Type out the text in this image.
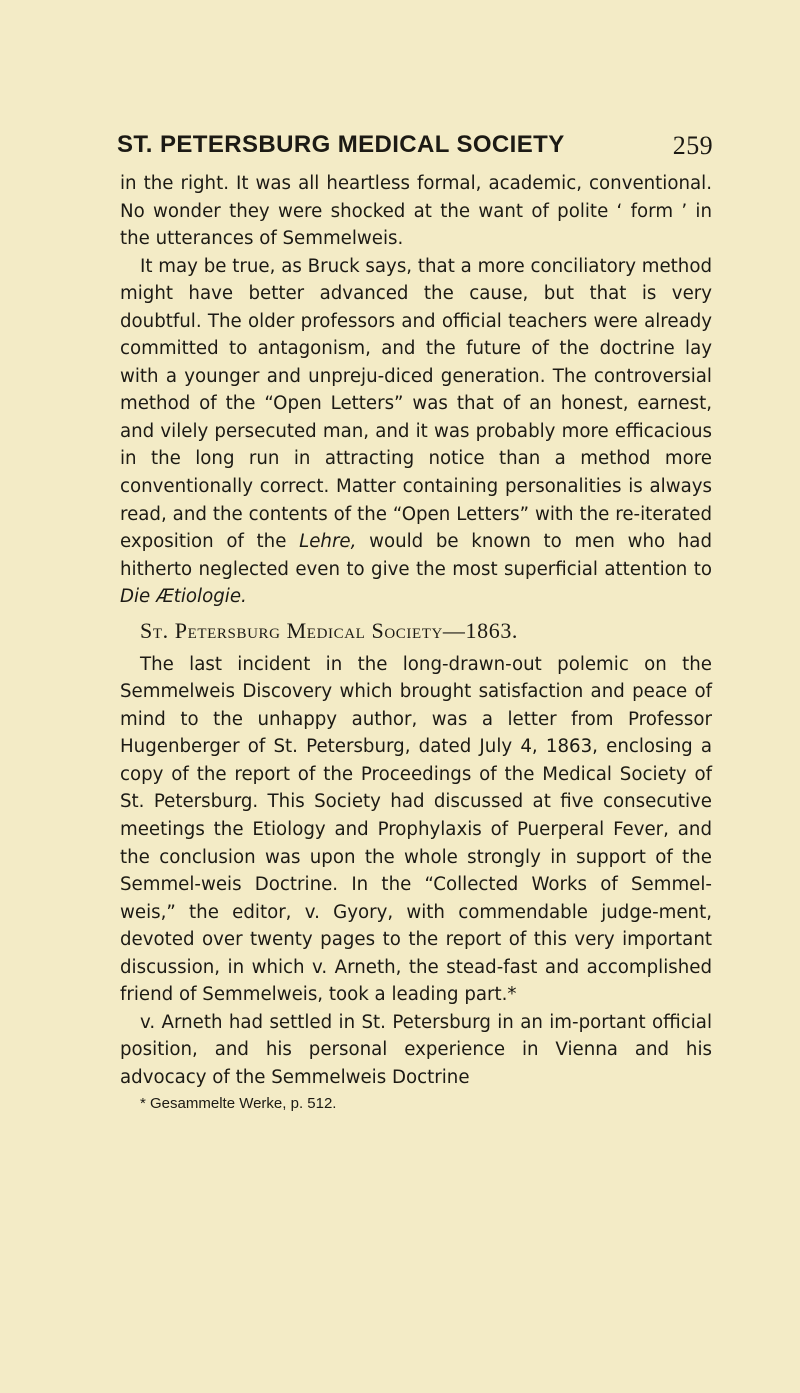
ST. PETERSBURG MEDICAL SOCIETY	259

in the right. It was all heartless formal, academic, conventional. No wonder they were shocked at the want of polite ‘ form ’ in the utterances of Semmelweis.

It may be true, as Bruck says, that a more conciliatory method might have better advanced the cause, but that is very doubtful. The older professors and official teachers were already committed to antagonism, and the future of the doctrine lay with a younger and unpreju-diced generation. The controversial method of the “Open Letters” was that of an honest, earnest, and vilely persecuted man, and it was probably more efficacious in the long run in attracting notice than a method more conventionally correct. Matter containing personalities is always read, and the contents of the “Open Letters” with the re-iterated exposition of the Lehre, would be known to men who had hitherto neglected even to give the most superficial attention to Die Ætiologie.

St. Petersburg Medical Society—1863.

The last incident in the long-drawn-out polemic on the Semmelweis Discovery which brought satisfaction and peace of mind to the unhappy author, was a letter from Professor Hugenberger of St. Petersburg, dated July 4, 1863, enclosing a copy of the report of the Proceedings of the Medical Society of St. Petersburg. This Society had discussed at five consecutive meetings the Etiology and Prophylaxis of Puerperal Fever, and the conclusion was upon the whole strongly in support of the Semmel-weis Doctrine. In the “Collected Works of Semmel-weis,” the editor, v. Gyory, with commendable judge-ment, devoted over twenty pages to the report of this very important discussion, in which v. Arneth, the stead-fast and accomplished friend of Semmelweis, took a leading part.*

v. Arneth had settled in St. Petersburg in an im-portant official position, and his personal experience in Vienna and his advocacy of the Semmelweis Doctrine

* Gesammelte Werke, p. 512.
